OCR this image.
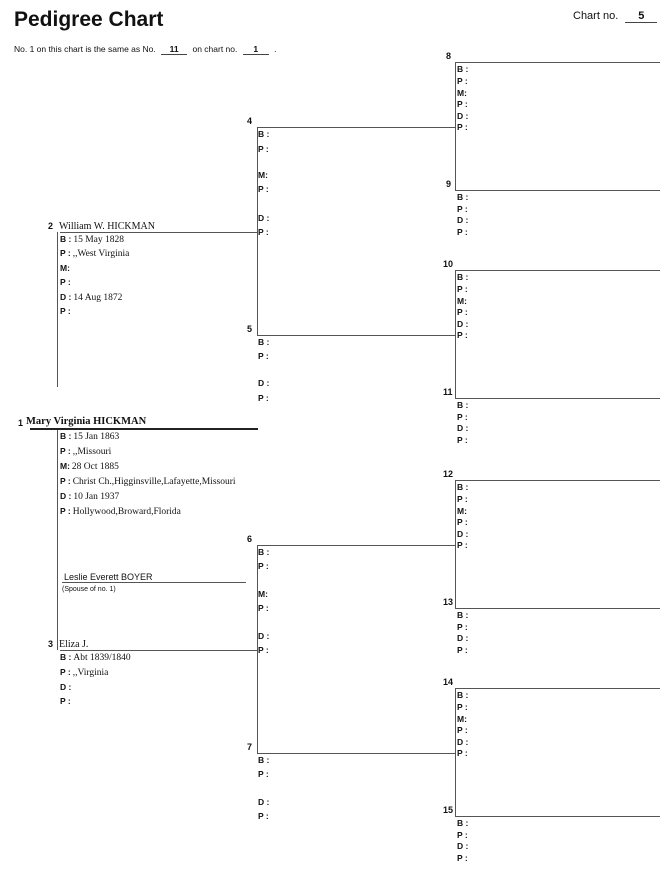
Pedigree Chart	Chart no. 5
No. 1 on this chart is the same as No. 11 on chart no. 1 .
1 Mary Virginia HICKMAN
B : 15 Jan 1863
P : ,,Missouri
M: 28 Oct 1885
P : Christ Ch.,Higginsville,Lafayette,Missouri
D : 10 Jan 1937
P : Hollywood,Broward,Florida
Leslie Everett BOYER
(Spouse of no. 1)
2 William W. HICKMAN
B : 15 May 1828
P : ,,West Virginia
M:
P :
D : 14 Aug 1872
P :
3 Eliza J.
B : Abt 1839/1840
P : ,,Virginia
D :
P :
4
B :
P :
M:
P :
D :
P :
5
B :
P :
D :
P :
6
B :
P :
M:
P :
D :
P :
7
B :
P :
D :
P :
8
B :
P :
M:
P :
D :
P :
9
B :
P :
D :
P :
10
B :
P :
M:
P :
D :
P :
11
B :
P :
D :
P :
12
B :
P :
M:
P :
D :
P :
13
B :
P :
D :
P :
14
B :
P :
M:
P :
D :
P :
15
B :
P :
D :
P :
